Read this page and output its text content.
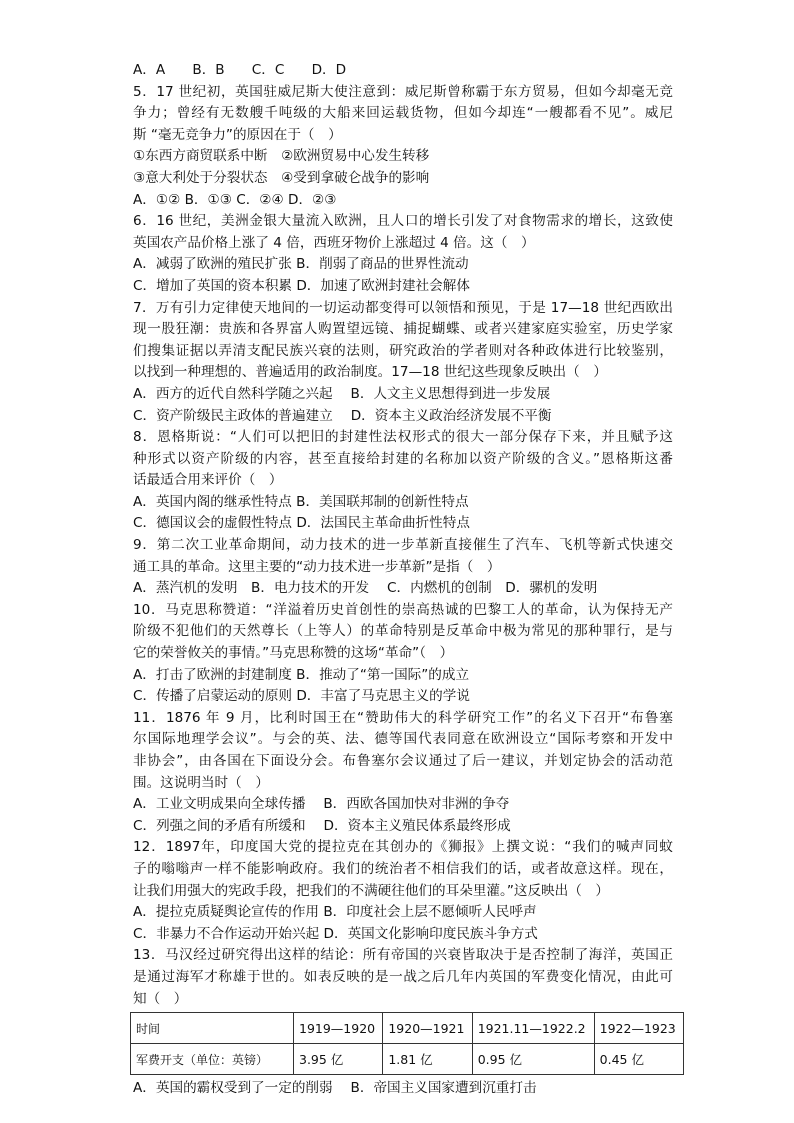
A．A　　B．B　　C．C　　D．D
5．17 世纪初，英国驻威尼斯大使注意到：威尼斯曾称霸于东方贸易，但如今却毫无竞
争力；曾经有无数艘千吨级的大船来回运载货物，但如今却连“一艘都看不见”。威尼
斯 “毫无竞争力”的原因在于（　）
①东西方商贸联系中断　②欧洲贸易中心发生转移
③意大利处于分裂状态　④受到拿破仑战争的影响
A．①② B．①③ C．②④ D．②③
6．16 世纪，美洲金银大量流入欧洲，且人口的增长引发了对食物需求的增长，这致使
英国农产品价格上涨了 4 倍，西班牙物价上涨超过 4 倍。这（　）
A．减弱了欧洲的殖民扩张 B．削弱了商品的世界性流动
C．增加了英国的资本积累 D．加速了欧洲封建社会解体
7．万有引力定律使天地间的一切运动都变得可以领悟和预见，于是 17—18 世纪西欧出
现一股狂潮：贵族和各界富人购置望远镜、捕捉蝴蝶、或者兴建家庭实验室，历史学家
们搜集证据以弄清支配民族兴衰的法则，研究政治的学者则对各种政体进行比较鉴别，
以找到一种理想的、普遍适用的政治制度。17—18 世纪这些现象反映出（　）
A．西方的近代自然科学随之兴起　 B．人文主义思想得到进一步发展
C．资产阶级民主政体的普遍建立　 D．资本主义政治经济发展不平衡
8．恩格斯说：“人们可以把旧的封建性法权形式的很大一部分保存下来，并且赋予这
种形式以资产阶级的内容，甚至直接给封建的名称加以资产阶级的含义。”恩格斯这番
话最适合用来评价（　）
A．英国内阁的继承性特点 B．美国联邦制的创新性特点
C．德国议会的虚假性特点 D．法国民主革命曲折性特点
9．第二次工业革命期间，动力技术的进一步革新直接催生了汽车、飞机等新式快速交
通工具的革命。这里主要的“动力技术进一步革新”是指（　）
A．蒸汽机的发明　B．电力技术的开发　 C．内燃机的创制　D．骡机的发明
10．马克思称赞道：“洋溢着历史首创性的崇高热诚的巴黎工人的革命，认为保持无产
阶级不犯他们的天然尊长（上等人）的革命特别是反革命中极为常见的那种罪行，是与
它的荣誉攸关的事情。”马克思称赞的这场“革命”（　）
A．打击了欧洲的封建制度 B．推动了“第一国际”的成立
C．传播了启蒙运动的原则 D．丰富了马克思主义的学说
11．1876 年 9 月，比利时国王在“赞助伟大的科学研究工作”的名义下召开“布鲁塞
尔国际地理学会议”。与会的英、法、德等国代表同意在欧洲设立“国际考察和开发中
非协会”，由各国在下面设分会。布鲁塞尔会议通过了后一建议，并划定协会的活动范
围。这说明当时（　）
A．工业文明成果向全球传播　 B．西欧各国加快对非洲的争夺
C．列强之间的矛盾有所缓和　 D．资本主义殖民体系最终形成
12．1897年，印度国大党的提拉克在其创办的《狮报》上撰文说：“我们的喊声同蚊
子的嗡嗡声一样不能影响政府。我们的统治者不相信我们的话，或者故意这样。现在，
让我们用强大的宪政手段，把我们的不满硬往他们的耳朵里灌。”这反映出（　）
A．提拉克质疑舆论宣传的作用 B．印度社会上层不愿倾听人民呼声
C．非暴力不合作运动开始兴起 D．英国文化影响印度民族斗争方式
13．马汉经过研究得出这样的结论：所有帝国的兴衰皆取决于是否控制了海洋，英国正
是通过海军才称雄于世的。如表反映的是一战之后几年内英国的军费变化情况，由此可
知（　）
时间	1919—1920	1920—1921	1921.11—1922.2	1922—1923
军费开支（单位：英镑）	3.95 亿	1.81 亿	0.95 亿	0.45 亿
A．英国的霸权受到了一定的削弱　 B．帝国主义国家遭到沉重打击
